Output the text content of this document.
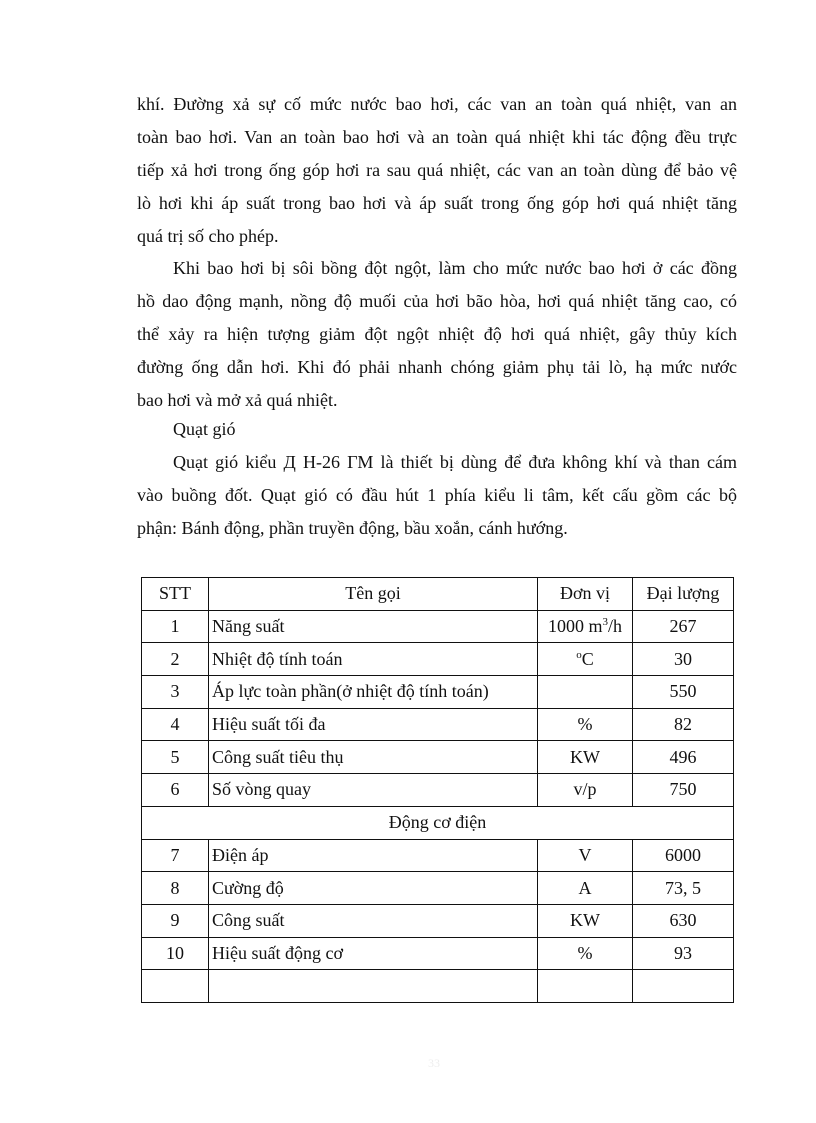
khí. Đường xả sự cố mức nước bao hơi, các van an toàn quá nhiệt, van an
toàn bao hơi. Van an toàn bao hơi và an toàn quá nhiệt khi tác động đều trực
tiếp xả hơi trong ống góp hơi ra sau quá nhiệt, các van an toàn dùng để bảo vệ
lò hơi khi áp suất trong bao hơi và áp suất trong ống góp hơi quá nhiệt tăng
quá trị số cho phép.
Khi bao hơi bị sôi bồng đột ngột, làm cho mức nước bao hơi ở các đồng
hồ dao động mạnh, nồng độ muối của hơi bão hòa, hơi quá nhiệt tăng cao, có
thể xảy ra hiện tượng giảm đột ngột nhiệt độ hơi quá nhiệt, gây thủy kích
đường ống dẫn hơi. Khi đó phải nhanh chóng giảm phụ tải lò, hạ mức nước
bao hơi và mở xả quá nhiệt.

Quạt gió

Quạt gió kiểu Д H-26 ГМ là thiết bị dùng để đưa không khí và than cám
vào buồng đốt. Quạt gió có đầu hút 1 phía kiểu li tâm, kết cấu gồm các bộ
phận: Bánh động, phần truyền động, bầu xoắn, cánh hướng.
STT	Tên gọi	Đơn vị	Đại lượng
1	Năng suất	1000 $m^3/h$	267
2	Nhiệt độ tính toán	$^o$C	30
3	Áp lực toàn phần(ở nhiệt độ tính toán)		550
4	Hiệu suất tối đa	%	82
5	Công suất tiêu thụ	KW	496
6	Số vòng quay	v/p	750
Động cơ điện			
7	Điện áp	V	6000
8	Cường độ	A	73, 5
9	Công suất	KW	630
10	Hiệu suất động cơ	%	93

33
